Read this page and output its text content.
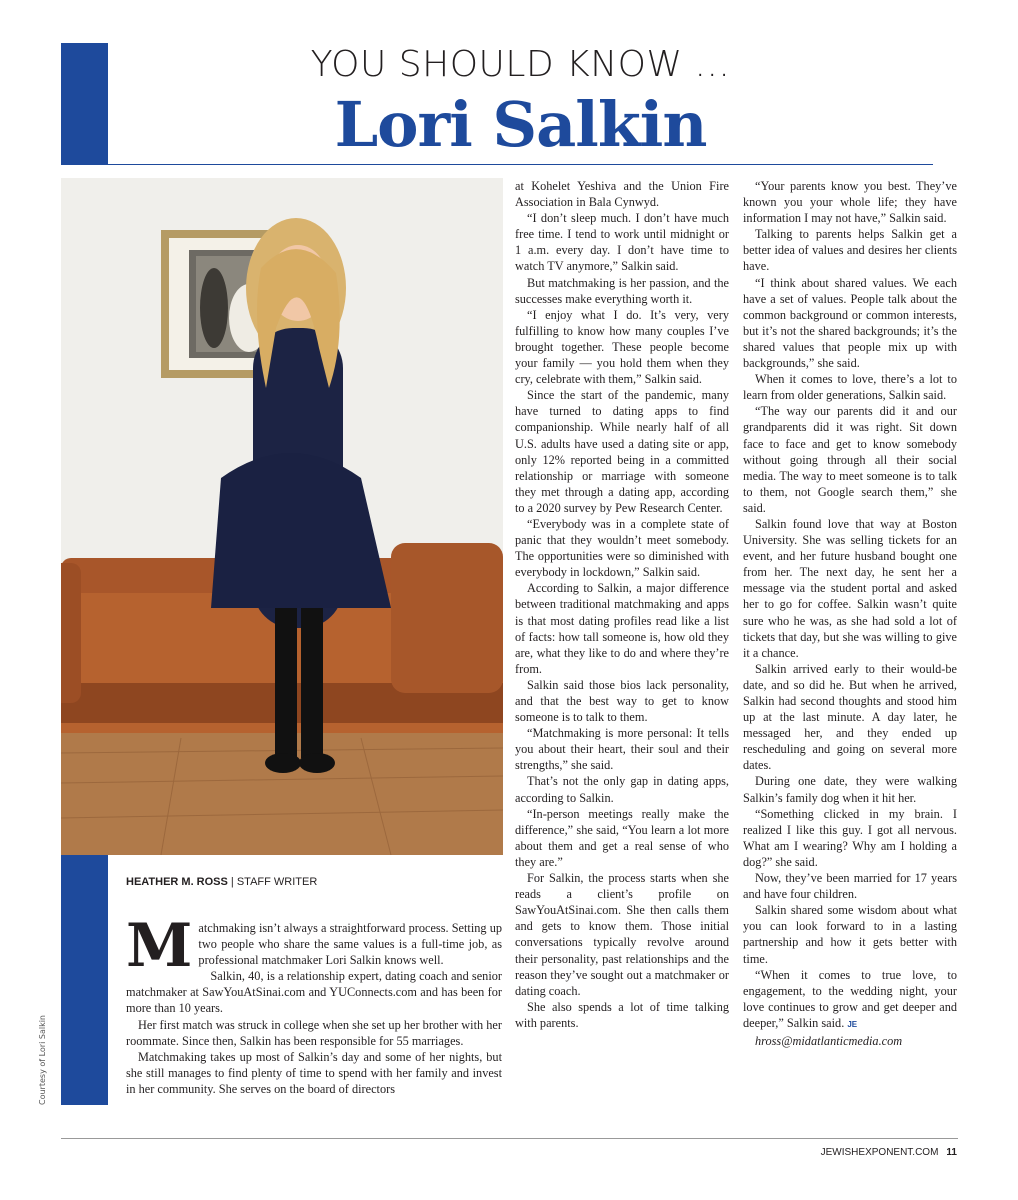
YOU SHOULD KNOW ...
Lori Salkin
Courtesy of Lori Salkin
HEATHER M. ROSS | STAFF WRITER

Matchmaking isn’t always a straightforward process. Setting up two people who share the same values is a full-time job, as professional matchmaker Lori Salkin knows well.

Salkin, 40, is a relationship expert, dating coach and senior matchmaker at SawYouAtSinai.com and YUConnects.com and has been for more than 10 years.

Her first match was struck in college when she set up her brother with her roommate. Since then, Salkin has been responsible for 55 marriages.

Matchmaking takes up most of Salkin’s day and some of her nights, but she still manages to find plenty of time to spend with her family and invest in her community. She serves on the board of directors

at Kohelet Yeshiva and the Union Fire Association in Bala Cynwyd.

“I don’t sleep much. I don’t have much free time. I tend to work until midnight or 1 a.m. every day. I don’t have time to watch TV anymore,” Salkin said.

But matchmaking is her passion, and the successes make everything worth it.

“I enjoy what I do. It’s very, very fulfilling to know how many couples I’ve brought together. These people become your family — you hold them when they cry, celebrate with them,” Salkin said.

Since the start of the pandemic, many have turned to dating apps to find companionship. While nearly half of all U.S. adults have used a dating site or app, only 12% reported being in a committed relationship or marriage with someone they met through a dating app, according to a 2020 survey by Pew Research Center.

“Everybody was in a complete state of panic that they wouldn’t meet somebody. The opportunities were so diminished with everybody in lockdown,” Salkin said.

According to Salkin, a major difference between traditional matchmaking and apps is that most dating profiles read like a list of facts: how tall someone is, how old they are, what they like to do and where they’re from.

Salkin said those bios lack personality, and that the best way to get to know someone is to talk to them.

“Matchmaking is more personal: It tells you about their heart, their soul and their strengths,” she said.

That’s not the only gap in dating apps, according to Salkin.

“In-person meetings really make the difference,” she said, “You learn a lot more about them and get a real sense of who they are.”

For Salkin, the process starts when she reads a client’s profile on SawYouAtSinai.com. She then calls them and gets to know them. Those initial conversations typically revolve around their personality, past relationships and the reason they’ve sought out a matchmaker or dating coach.

She also spends a lot of time talking with parents.

“Your parents know you best. They’ve known you your whole life; they have information I may not have,” Salkin said.

Talking to parents helps Salkin get a better idea of values and desires her clients have.

“I think about shared values. We each have a set of values. People talk about the common background or common interests, but it’s not the shared backgrounds; it’s the shared values that people mix up with backgrounds,” she said.

When it comes to love, there’s a lot to learn from older generations, Salkin said.

“The way our parents did it and our grandparents did it was right. Sit down face to face and get to know somebody without going through all their social media. The way to meet someone is to talk to them, not Google search them,” she said.

Salkin found love that way at Boston University. She was selling tickets for an event, and her future husband bought one from her. The next day, he sent her a message via the student portal and asked her to go for coffee. Salkin wasn’t quite sure who he was, as she had sold a lot of tickets that day, but she was willing to give it a chance.

Salkin arrived early to their would-be date, and so did he. But when he arrived, Salkin had second thoughts and stood him up at the last minute. A day later, he messaged her, and they ended up rescheduling and going on several more dates.

During one date, they were walking Salkin’s family dog when it hit her.

“Something clicked in my brain. I realized I like this guy. I got all nervous. What am I wearing? Why am I holding a dog?” she said.

Now, they’ve been married for 17 years and have four children.

Salkin shared some wisdom about what you can look forward to in a lasting partnership and how it gets better with time.

“When it comes to true love, to engagement, to the wedding night, your love continues to grow and get deeper and deeper,” Salkin said. JE

hross@midatlanticmedia.com

JEWISHEXPONENT.COM 11
